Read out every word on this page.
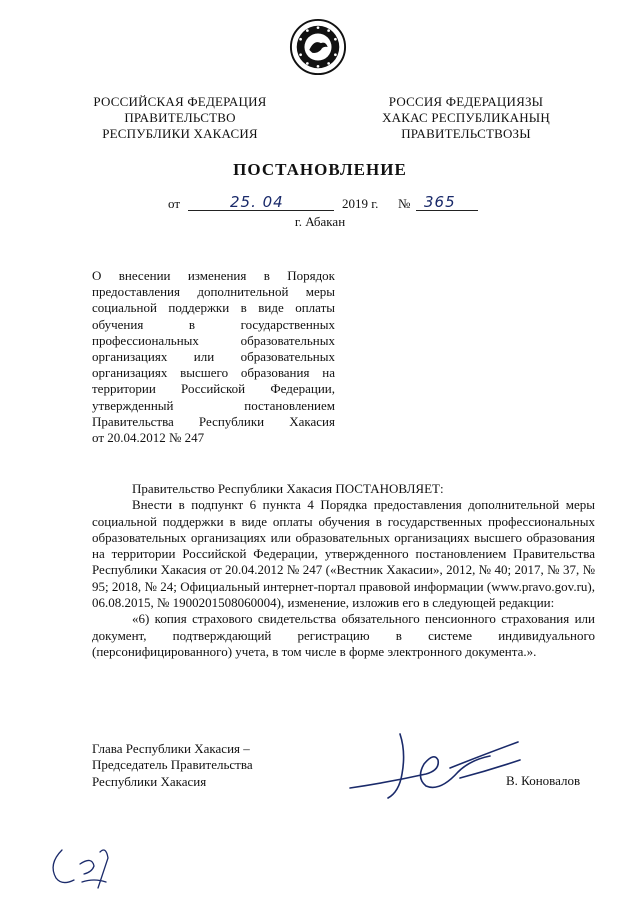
РОССИЙСКАЯ ФЕДЕРАЦИЯ
ПРАВИТЕЛЬСТВО
РЕСПУБЛИКИ ХАКАСИЯ
РОССИЯ ФЕДЕРАЦИЯЗЫ
ХАКАС РЕСПУБЛИКАНЫҢ
ПРАВИТЕЛЬСТВОЗЫ
ПОСТАНОВЛЕНИЕ
от	25. 04	2019 г. № 365
г. Абакан

О внесении изменения в Порядок

предоставления дополнительной меры

социальной поддержки в виде оплаты

обучения в государственных

профессиональных образовательных

организациях или образовательных

организациях высшего образования на

территории Российской Федерации,

утвержденный постановлением

Правительства Республики Хакасия

от 20.04.2012 № 247

Правительство Республики Хакасия ПОСТАНОВЛЯЕТ:

Внести в подпункт 6 пункта 4 Порядка предоставления дополнительной меры социальной поддержки в виде оплаты обучения в государственных профессиональных образовательных организациях или образовательных организациях высшего образования на территории Российской Федерации, утвержденного постановлением Правительства Республики Хакасия от 20.04.2012 № 247 («Вестник Хакасии», 2012, № 40; 2017, № 37, № 95; 2018, № 24; Официальный интернет-портал правовой информации (www.pravo.gov.ru), 06.08.2015, № 1900201508060004), изменение, изложив его в следующей редакции:

«6) копия страхового свидетельства обязательного пенсионного страхования или документ, подтверждающий регистрацию в системе индивидуального (персонифицированного) учета, в том числе в форме электронного документа.».

Глава Республики Хакасия –
Председатель Правительства
Республики Хакасия	В. Коновалов
